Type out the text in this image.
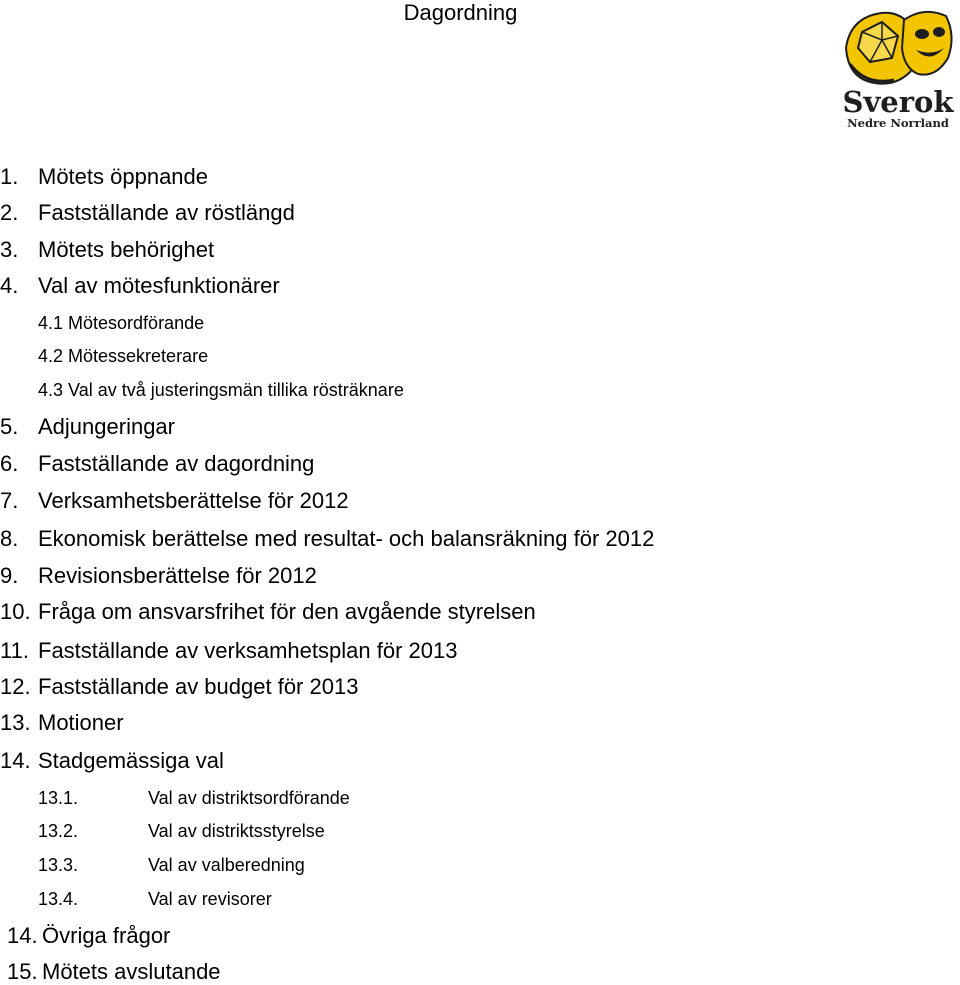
Dagordning
Sverok
Nedre Norrland
1. Mötets öppnande
2. Fastställande av röstlängd
3. Mötets behörighet
4. Val av mötesfunktionärer
4.1 Mötesordförande
4.2 Mötessekreterare
4.3 Val av två justeringsmän tillika rösträknare
5. Adjungeringar
6. Fastställande av dagordning
7. Verksamhetsberättelse för 2012
8. Ekonomisk berättelse med resultat- och balansräkning för 2012
9. Revisionsberättelse för 2012
10. Fråga om ansvarsfrihet för den avgående styrelsen
11. Fastställande av verksamhetsplan för 2013
12. Fastställande av budget för 2013
13. Motioner
14. Stadgemässiga val
13.1.	Val av distriktsordförande
13.2.	Val av distriktsstyrelse
13.3.	Val av valberedning
13.4.	Val av revisorer
14. Övriga frågor
15. Mötets avslutande
